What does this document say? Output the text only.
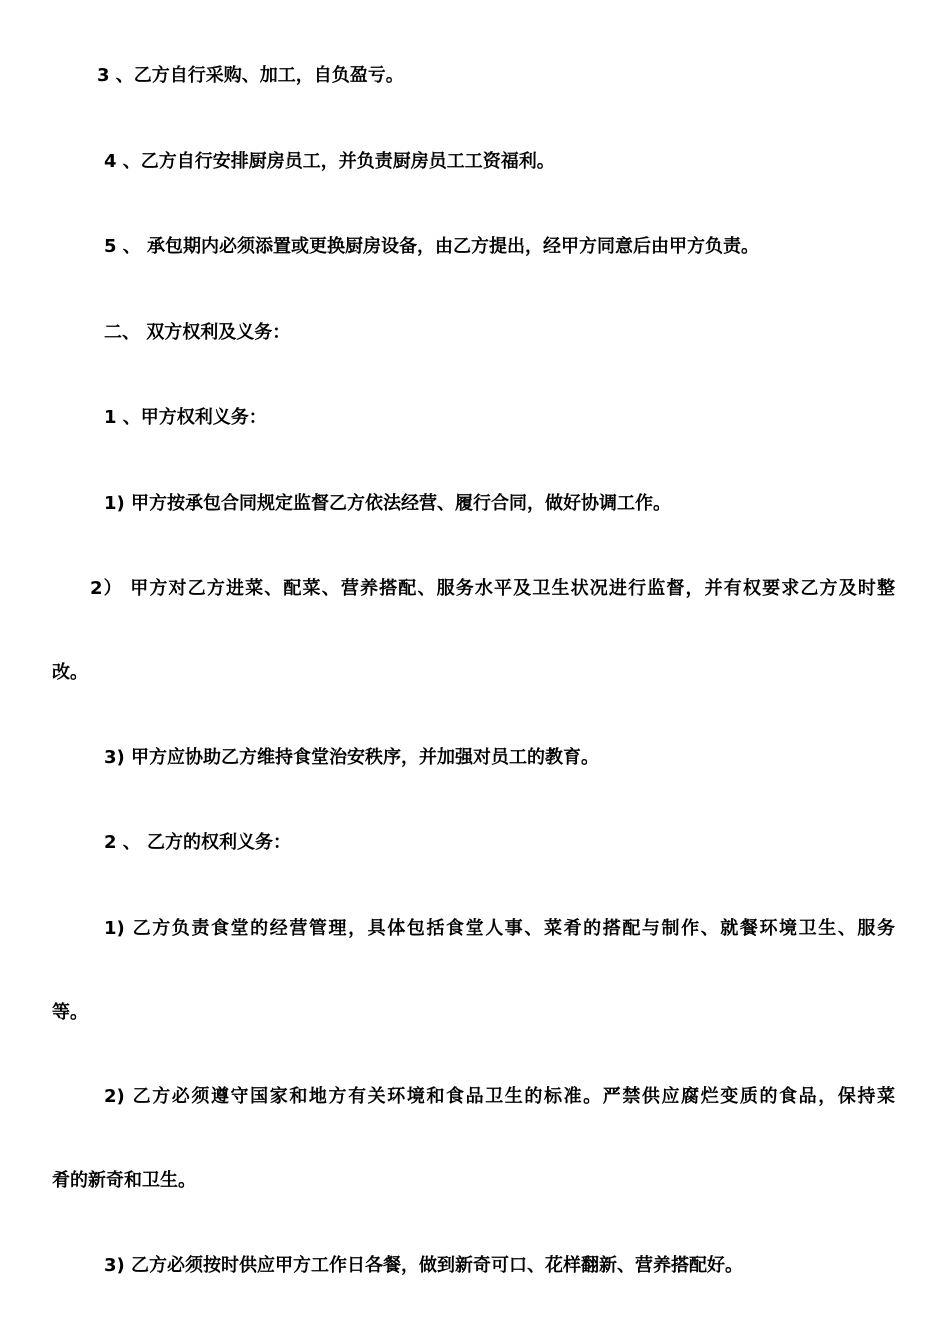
3 、乙方自行采购、加工，自负盈亏。
4 、乙方自行安排厨房员工，并负责厨房员工工资福利。
5 、 承包期内必须添置或更换厨房设备，由乙方提出，经甲方同意后由甲方负责。
二、 双方权利及义务：
1 、甲方权利义务：
1) 甲方按承包合同规定监督乙方依法经营、履行合同，做好协调工作。
2） 甲方对乙方进菜、配菜、营养搭配、服务水平及卫生状况进行监督，并有权要求乙方及时整
改。
3) 甲方应协助乙方维持食堂治安秩序，并加强对员工的教育。
2 、 乙方的权利义务：
1) 乙方负责食堂的经营管理，具体包括食堂人事、菜肴的搭配与制作、就餐环境卫生、服务
等。
2) 乙方必须遵守国家和地方有关环境和食品卫生的标准。严禁供应腐烂变质的食品，保持菜
肴的新奇和卫生。
3) 乙方必须按时供应甲方工作日各餐，做到新奇可口、花样翻新、营养搭配好。
